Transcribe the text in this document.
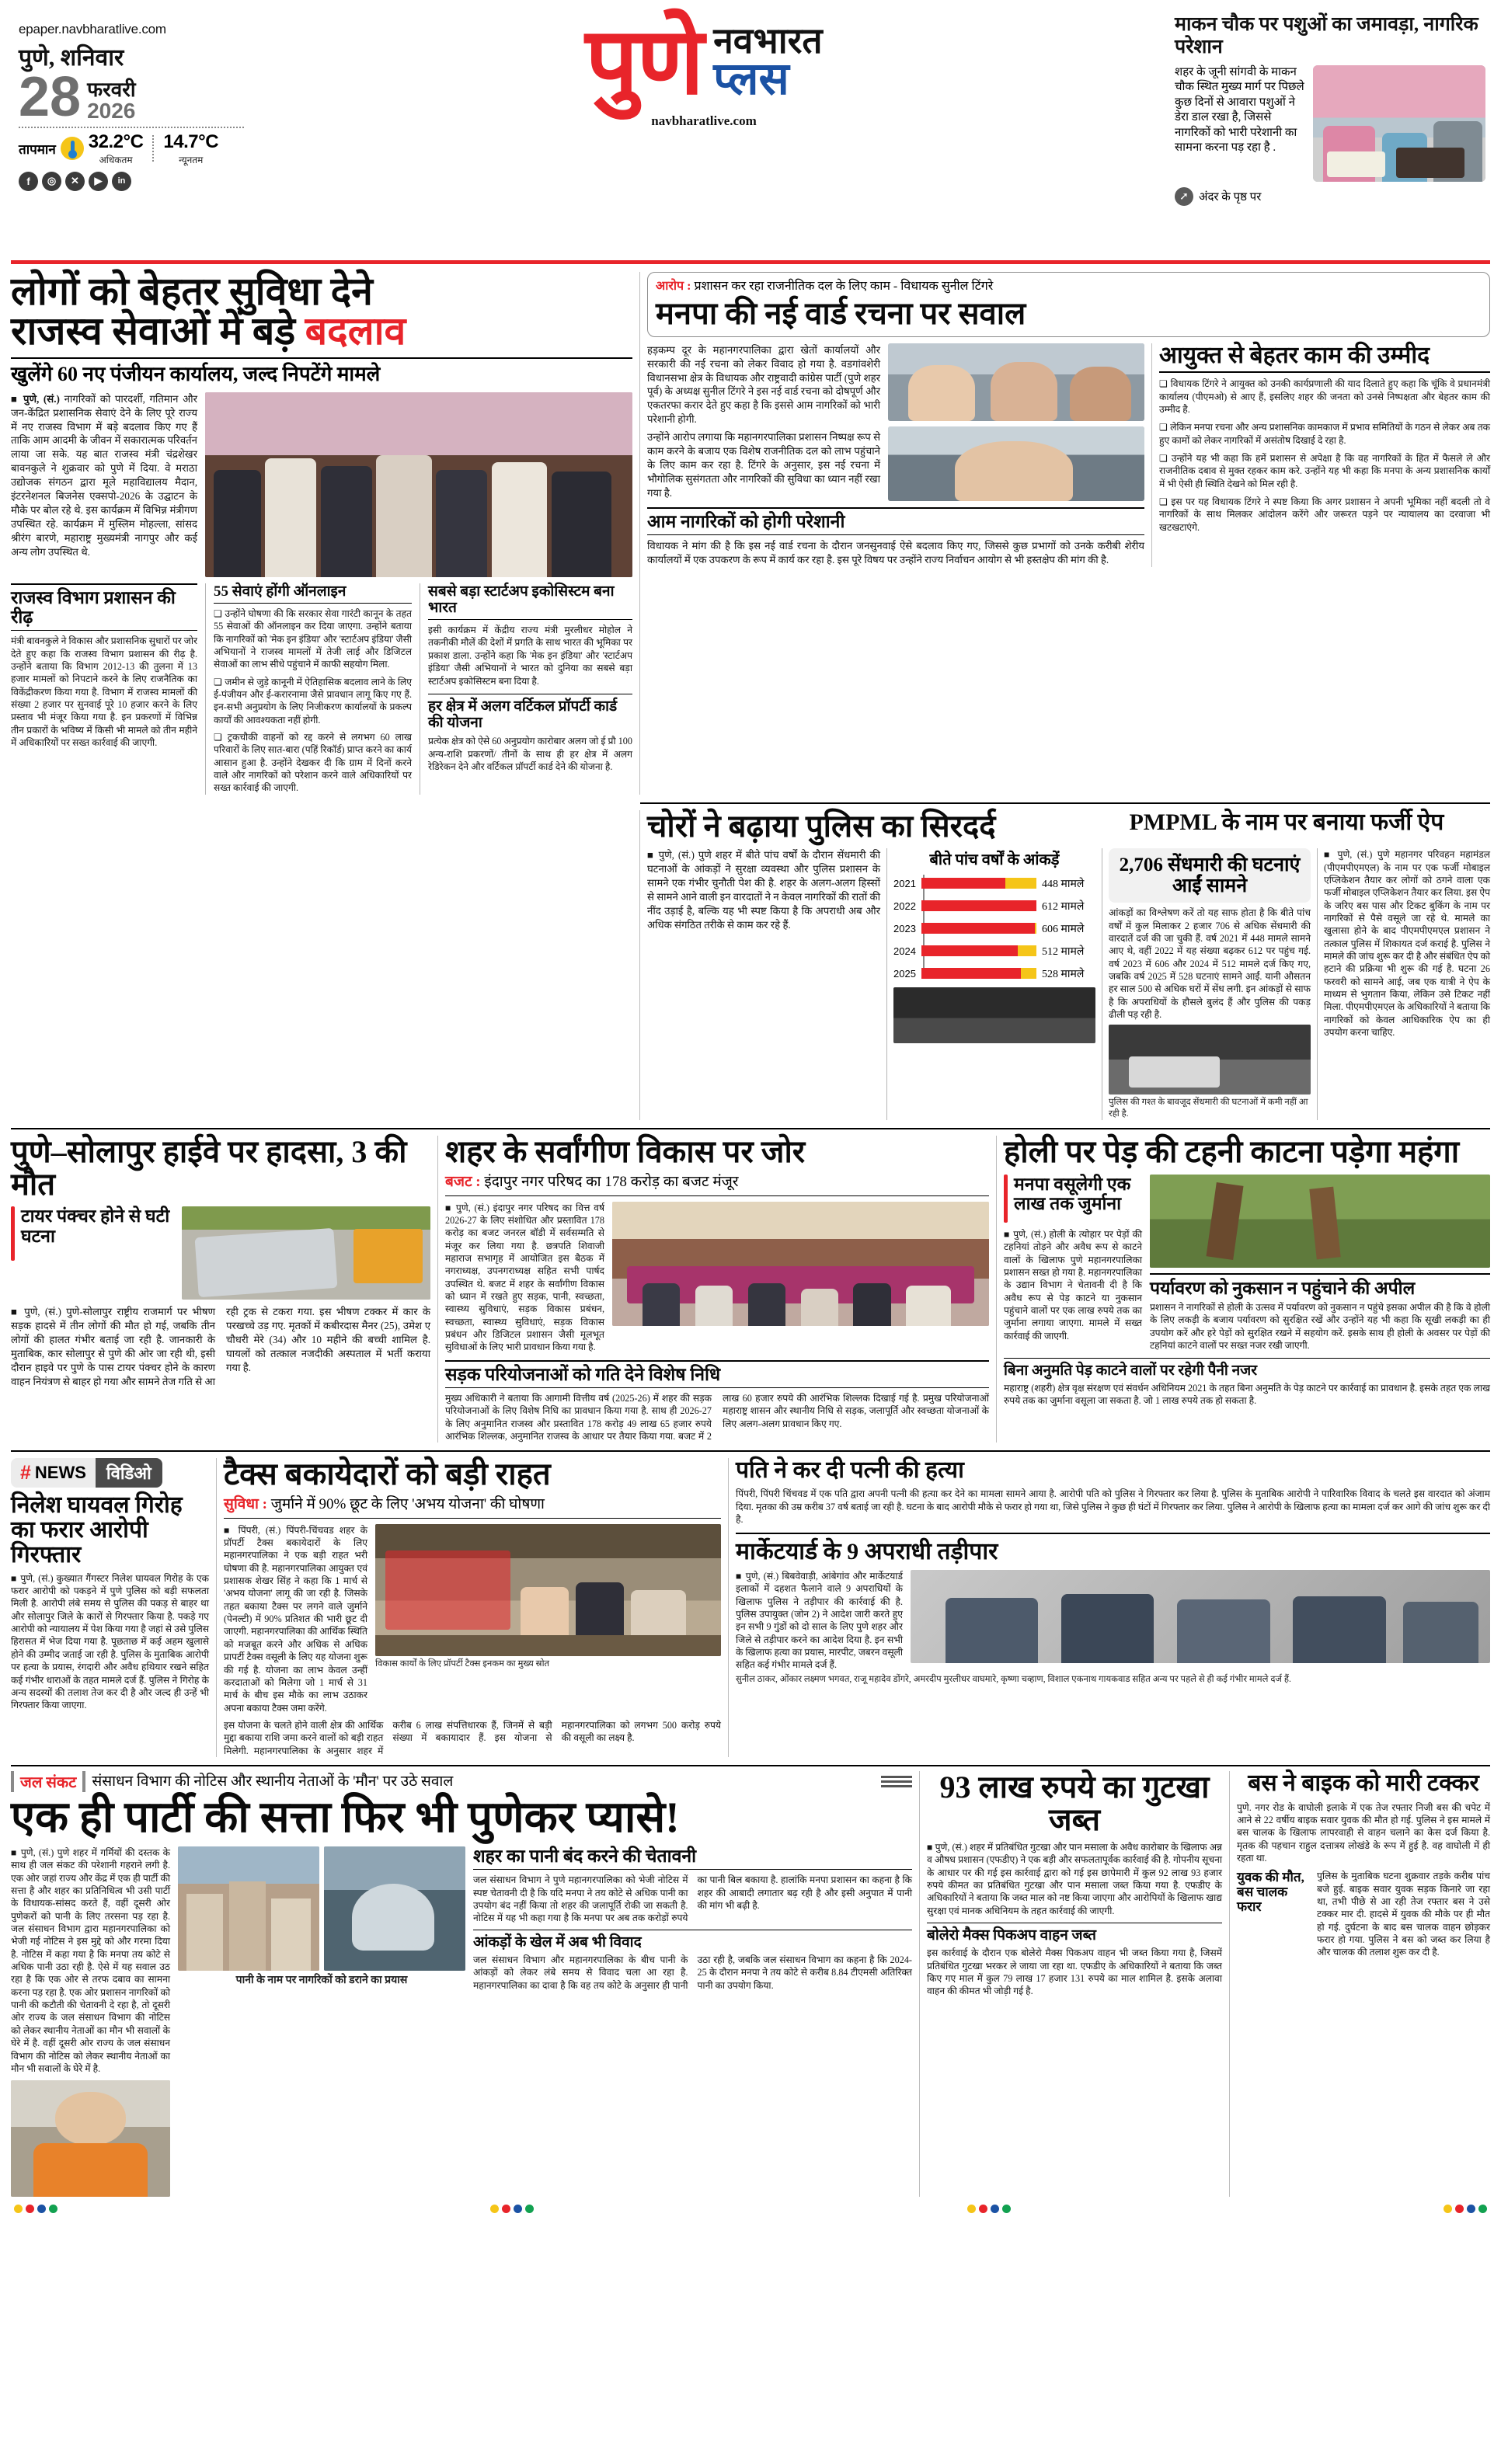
epaper.navbharatlive.com
पुणे, शनिवार
28 फरवरी
2026
तापमान 32.2°C
अधिकतम
14.7°C
न्यूनतम
f	◎	✕	▶	in
पुणे नवभारत
प्लस
navbharatlive.com
माकन चौक पर पशुओं का जमावड़ा, नागरिक परेशान
शहर के जूनी सांगवी के माकन चौक स्थित मुख्य मार्ग पर पिछले कुछ दिनों से आवारा पशुओं ने डेरा डाल रखा है, जिससे नागरिकों को भारी परेशानी का सामना करना पड़ रहा है .
➚ अंदर के पृष्ठ पर
लोगों को बेहतर सुविधा देने
राजस्व सेवाओं में बड़े बदलाव
खुलेंगे 60 नए पंजीयन कार्यालय, जल्द निपटेंगे मामले
■ पुणे, (सं.) नागरिकों को पारदर्शी, गतिमान और जन-केंद्रित प्रशासनिक सेवाएं देने के लिए पूरे राज्य में नए राजस्व विभाग में बड़े बदलाव किए गए हैं ताकि आम आदमी के जीवन में सकारात्मक परिवर्तन लाया जा सके. यह बात राजस्व मंत्री चंद्रशेखर बावनकुले ने शुक्रवार को पुणे में दिया. वे मराठा उद्योजक संगठन द्वारा मूले महाविद्यालय मैदान, इंटरनेशनल बिजनेस एक्सपो-2026 के उद्घाटन के मौके पर बोल रहे थे. इस कार्यक्रम में विभिन्न मंत्रीगण उपस्थित रहे. कार्यक्रम में मुस्लिम मोहल्ला, सांसद श्रीरंग बारणे, महाराष्ट्र मुख्यमंत्री नागपुर और कई अन्य लोग उपस्थित थे.
राजस्व विभाग प्रशासन की रीढ़
मंत्री बावनकुले ने विकास और प्रशासनिक सुधारों पर जोर देते हुए कहा कि राजस्व विभाग प्रशासन की रीढ़ है. उन्होंने बताया कि विभाग 2012-13 की तुलना में 13 हजार मामलों को निपटाने करने के लिए राजनैतिक का विकेंद्रीकरण किया गया है. विभाग में राजस्व मामलों की संख्या 2 हजार पर सुनवाई पूरे 10 हजार करने के लिए प्रस्ताव भी मंजूर किया गया है. इन प्रकरणों में विभिन्न तीन प्रकारों के भविष्य में किसी भी मामले को तीन महीने में अधिकारियों पर सख्त कार्रवाई की जाएगी.
55 सेवाएं होंगी ऑनलाइन
❏ उन्होंने घोषणा की कि सरकार सेवा गारंटी कानून के तहत 55 सेवाओं की ऑनलाइन कर दिया जाएगा. उन्होंने बताया कि नागरिकों को 'मेक इन इंडिया' और 'स्टार्टअप इंडिया' जैसी अभियानों ने राजस्व मामलों में तेजी लाई और डिजिटल सेवाओं का लाभ सीधे पहुंचाने में काफी सहयोग मिला.
❏ जमीन से जुड़े कानूनी में ऐतिहासिक बदलाव लाने के लिए ई-पंजीयन और ई-करारनामा जैसे प्रावधान लागू किए गए हैं. इन-सभी अनुप्रयोग के लिए निजीकरण कार्यालयों के प्रकल्प कार्यों की आवश्यकता नहीं होगी.
❏ ट्रकचौकी वाहनों को रद्द करने से लगभग 60 लाख परिवारों के लिए सात-बारा (पहिं रिकॉर्ड) प्राप्त करने का कार्य आसान हुआ है. उन्होंने देखकर दी कि ग्राम में दिनों करने वाले और नागरिकों को परेशान करने वाले अधिकारियों पर सख्त कार्रवाई की जाएगी.
सबसे बड़ा स्टार्टअप इकोसिस्टम बना भारत
इसी कार्यक्रम में केंद्रीय राज्य मंत्री मुरलीधर मोहोल ने तकनीकी मौलें की देशों में प्रगति के साथ भारत की भूमिका पर प्रकाश डाला. उन्होंने कहा कि 'मेक इन इंडिया' और 'स्टार्टअप इंडिया' जैसी अभियानों ने भारत को दुनिया का सबसे बड़ा स्टार्टअप इकोसिस्टम बना दिया है.
हर क्षेत्र में अलग वर्टिकल प्रॉपर्टी कार्ड की योजना
प्रत्येक क्षेत्र को ऐसे 60 अनुप्रयोग कारोबार अलग जो ई प्रौ 100 अन्य-राशि प्रकरणों/ तीनों के साथ ही हर क्षेत्र में अलग रेडिरेकन देने और वर्टिकल प्रॉपर्टी कार्ड देने की योजना है.
आरोप : प्रशासन कर रहा राजनीतिक दल के लिए काम - विधायक सुनील टिंगरे
मनपा की नई वार्ड रचना पर सवाल
हड़कम्प दूर के महानगरपालिका द्वारा खेतों कार्यालयों और सरकारी की नई रचना को लेकर विवाद हो गया है. वडगांवशेरी विधानसभा क्षेत्र के विधायक और राष्ट्रवादी कांग्रेस पार्टी (पुणे शहर पूर्व) के अध्यक्ष सुनील टिंगरे ने इस नई वार्ड रचना को दोषपूर्ण और एकतरफा करार देते हुए कहा है कि इससे आम नागरिकों को भारी परेशानी होगी.
उन्होंने आरोप लगाया कि महानगरपालिका प्रशासन निष्पक्ष रूप से काम करने के बजाय एक विशेष राजनीतिक दल को लाभ पहुंचाने के लिए काम कर रहा है. टिंगरे के अनुसार, इस नई रचना में भौगोलिक सुसंगतता और नागरिकों की सुविधा का ध्यान नहीं रखा गया है.
आम नागरिकों को होगी परेशानी
विधायक ने मांग की है कि इस नई वार्ड रचना के दौरान जनसुनवाई ऐसे बदलाव किए गए, जिससे कुछ प्रभागों को उनके करीबी शेरीय कार्यालयों में एक उपकरण के रूप में कार्य कर रहा है. इस पूरे विषय पर उन्होंने राज्य निर्वाचन आयोग से भी हस्तक्षेप की मांग की है.
आयुक्त से बेहतर काम की उम्मीद
❏ विधायक टिंगरे ने आयुक्त को उनकी कार्यप्रणाली की याद दिलाते हुए कहा कि चूंकि वे प्रधानमंत्री कार्यालय (पीएमओ) से आए हैं, इसलिए शहर की जनता को उनसे निष्पक्षता और बेहतर काम की उम्मीद है.
❏ लेकिन मनपा रचना और अन्य प्रशासनिक कामकाज में प्रभाव समितियों के गठन से लेकर अब तक हुए कामों को लेकर नागरिकों में असंतोष दिखाई दे रहा है.
❏ उन्होंने यह भी कहा कि हमें प्रशासन से अपेक्षा है कि वह नागरिकों के हित में फैसले ले और राजनीतिक दबाव से मुक्त रहकर काम करे. उन्होंने यह भी कहा कि मनपा के अन्य प्रशासनिक कार्यों में भी ऐसी ही स्थिति देखने को मिल रही है.
❏ इस पर यह विधायक टिंगरे ने स्पष्ट किया कि अगर प्रशासन ने अपनी भूमिका नहीं बदली तो वे नागरिकों के साथ मिलकर आंदोलन करेंगे और जरूरत पड़ने पर न्यायालय का दरवाजा भी खटखटाएंगे.
चोरों ने बढ़ाया पुलिस का सिरदर्द	PMPML के नाम पर बनाया फर्जी ऐप
■ पुणे, (सं.) पुणे शहर में बीते पांच वर्षों के दौरान सेंधमारी की घटनाओं के आंकड़ों ने सुरक्षा व्यवस्था और पुलिस प्रशासन के सामने एक गंभीर चुनौती पेश की है. शहर के अलग-अलग हिस्सों से सामने आने वाली इन वारदातों ने न केवल नागरिकों की रातों की नींद उड़ाई है, बल्कि यह भी स्पष्ट किया है कि अपराधी अब और अधिक संगठित तरीके से काम कर रहे हैं.
बीते पांच वर्षों के आंकड़ें
2021	448 मामले
2022	612 मामले
2023	606 मामले
2024	512 मामले
2025	528 मामले
2,706 सेंधमारी की घटनाएं आईं सामने
आंकड़ों का विश्लेषण करें तो यह साफ होता है कि बीते पांच वर्षों में कुल मिलाकर 2 हजार 706 से अधिक सेंधमारी की वारदातें दर्ज की जा चुकी हैं. वर्ष 2021 में 448 मामले सामने आए थे, वहीं 2022 में यह संख्या बढ़कर 612 पर पहुंच गई. वर्ष 2023 में 606 और 2024 में 512 मामले दर्ज किए गए, जबकि वर्ष 2025 में 528 घटनाएं सामने आईं. यानी औसतन हर साल 500 से अधिक घरों में सेंध लगी. इन आंकड़ों से साफ है कि अपराधियों के हौसले बुलंद हैं और पुलिस की पकड़ ढीली पड़ रही है.
पुलिस की गश्त के बावजूद सेंधमारी की घटनाओं में कमी नहीं आ रही है.
■ पुणे, (सं.) पुणे महानगर परिवहन महामंडल (पीएमपीएमएल) के नाम पर एक फर्जी मोबाइल एप्लिकेशन तैयार कर लोगों को ठगने वाला एक फर्जी मोबाइल एप्लिकेशन तैयार कर लिया. इस ऐप के जरिए बस पास और टिकट बुकिंग के नाम पर नागरिकों से पैसे वसूले जा रहे थे. मामले का खुलासा होने के बाद पीएमपीएमएल प्रशासन ने तत्काल पुलिस में शिकायत दर्ज कराई है. पुलिस ने मामले की जांच शुरू कर दी है और संबंधित ऐप को हटाने की प्रक्रिया भी शुरू की गई है. घटना 26 फरवरी को सामने आई, जब एक यात्री ने ऐप के माध्यम से भुगतान किया, लेकिन उसे टिकट नहीं मिला. पीएमपीएमएल के अधिकारियों ने बताया कि नागरिकों को केवल आधिकारिक ऐप का ही उपयोग करना चाहिए.
पुणे–सोलापुर हाईवे पर हादसा, 3 की मौत
टायर पंक्चर होने से घटी घटना
■ पुणे, (सं.) पुणे-सोलापुर राष्ट्रीय राजमार्ग पर भीषण सड़क हादसे में तीन लोगों की मौत हो गई, जबकि तीन लोगों की हालत गंभीर बताई जा रही है. जानकारी के मुताबिक, कार सोलापुर से पुणे की ओर जा रही थी, इसी दौरान हाइवे पर पुणे के पास टायर पंक्चर होने के कारण वाहन नियंत्रण से बाहर हो गया और सामने तेज गति से आ रही ट्रक से टकरा गया. इस भीषण टक्कर में कार के परखच्चे उड़ गए. मृतकों में कबीरदास मैनर (25), उमेश ए चौधरी मेरे (34) और 10 महीने की बच्ची शामिल है. घायलों को तत्काल नजदीकी अस्पताल में भर्ती कराया गया है.
शहर के सर्वांगीण विकास पर जोर
बजट : इंदापुर नगर परिषद का 178 करोड़ का बजट मंजूर
■ पुणे, (सं.) इंदापुर नगर परिषद का वित्त वर्ष 2026-27 के लिए संशोधित और प्रस्तावित 178 करोड़ का बजट जनरल बॉडी में सर्वसम्मति से मंजूर कर लिया गया है. छत्रपति शिवाजी महाराज सभागृह में आयोजित इस बैठक में नगराध्यक्ष, उपनगराध्यक्ष सहित सभी पार्षद उपस्थित थे. बजट में शहर के सर्वांगीण विकास को ध्यान में रखते हुए सड़क, पानी, स्वच्छता, स्वास्थ्य सुविधाएं, सड़क विकास प्रबंधन, स्वच्छता, स्वास्थ्य सुविधाएं, सड़क विकास प्रबंधन और डिजिटल प्रशासन जैसी मूलभूत सुविधाओं के लिए भारी प्रावधान किया गया है.
सड़क परियोजनाओं को गति देने विशेष निधि
मुख्य अधिकारी ने बताया कि आगामी वित्तीय वर्ष (2025-26) में शहर की सड़क परियोजनाओं के लिए विशेष निधि का प्रावधान किया गया है. साथ ही 2026-27 के लिए अनुमानित राजस्व और प्रस्तावित 178 करोड़ 49 लाख 65 हजार रुपये आरंभिक शिल्लक, अनुमानित राजस्व के आधार पर तैयार किया गया. बजट में 2 लाख 60 हजार रुपये की आरंभिक शिल्लक दिखाई गई है. प्रमुख परियोजनाओं महाराष्ट्र शासन और स्थानीय निधि से सड़क, जलापूर्ति और स्वच्छता योजनाओं के लिए अलग-अलग प्रावधान किए गए.
होली पर पेड़ की टहनी काटना पड़ेगा महंगा
मनपा वसूलेगी एक लाख तक जुर्माना
■ पुणे, (सं.) होली के त्योहार पर पेड़ों की टहनियां तोड़ने और अवैध रूप से काटने वालों के खिलाफ पुणे महानगरपालिका प्रशासन सख्त हो गया है. महानगरपालिका के उद्यान विभाग ने चेतावनी दी है कि अवैध रूप से पेड़ काटने या नुकसान पहुंचाने वालों पर एक लाख रुपये तक का जुर्माना लगाया जाएगा. मामले में सख्त कार्रवाई की जाएगी.
पर्यावरण को नुकसान न पहुंचाने की अपील
प्रशासन ने नागरिकों से होली के उत्सव में पर्यावरण को नुकसान न पहुंचे इसका अपील की है कि वे होली के लिए लकड़ी के बजाय पर्यावरण को सुरक्षित रखें और उन्होंने यह भी कहा कि सूखी लकड़ी का ही उपयोग करें और हरे पेड़ों को सुरक्षित रखने में सहयोग करें. इसके साथ ही होली के अवसर पर पेड़ों की टहनियां काटने वालों पर सख्त नजर रखी जाएगी.
बिना अनुमति पेड़ काटने वालों पर रहेगी पैनी नजर
महाराष्ट्र (शहरी) क्षेत्र वृक्ष संरक्षण एवं संवर्धन अधिनियम 2021 के तहत बिना अनुमति के पेड़ काटने पर कार्रवाई का प्रावधान है. इसके तहत एक लाख रुपये तक का जुर्माना वसूला जा सकता है. जो 1 लाख रुपये तक हो सकता है.
# NEWS	विडिओ
निलेश घायवल गिरोह का फरार आरोपी गिरफ्तार
■ पुणे, (सं.) कुख्यात गैंगस्टर निलेश घायवल गिरोह के एक फरार आरोपी को पकड़ने में पुणे पुलिस को बड़ी सफलता मिली है. आरोपी लंबे समय से पुलिस की पकड़ से बाहर था और सोलापुर जिले के कारों से गिरफ्तार किया है. पकड़े गए आरोपी को न्यायालय में पेश किया गया है जहां से उसे पुलिस हिरासत में भेज दिया गया है. पूछताछ में कई अहम खुलासे होने की उम्मीद जताई जा रही है. पुलिस के मुताबिक आरोपी पर हत्या के प्रयास, रंगदारी और अवैध हथियार रखने सहित कई गंभीर धाराओं के तहत मामले दर्ज हैं. पुलिस ने गिरोह के अन्य सदस्यों की तलाश तेज कर दी है और जल्द ही उन्हें भी गिरफ्तार किया जाएगा.
टैक्स बकायेदारों को बड़ी राहत
सुविधा : जुर्माने में 90% छूट के लिए 'अभय योजना' की घोषणा
■ पिंपरी, (सं.) पिंपरी-चिंचवड शहर के प्रॉपर्टी टैक्स बकायेदारों के लिए महानगरपालिका ने एक बड़ी राहत भरी घोषणा की है. महानगरपालिका आयुक्त एवं प्रशासक शेखर सिंह ने कहा कि 1 मार्च से 'अभय योजना' लागू की जा रही है. जिसके तहत बकाया टैक्स पर लगने वाले जुर्माने (पेनल्टी) में 90% प्रतिशत की भारी छूट दी जाएगी. महानगरपालिका की आर्थिक स्थिति को मजबूत करने और अधिक से अधिक प्रापर्टी टैक्स वसूली के लिए यह योजना शुरू की गई है. योजना का लाभ केवल उन्हीं करदाताओं को मिलेगा जो 1 मार्च से 31 मार्च के बीच इस मौके का लाभ उठाकर अपना बकाया टैक्स जमा करेंगे.
विकास कार्यों के लिए प्रॉपर्टी टैक्स इनकम का मुख्य स्रोत
इस योजना के चलते होने वाली क्षेत्र की आर्थिक मुद्दा बकाया राशि जमा करने वालों को बड़ी राहत मिलेगी. महानगरपालिका के अनुसार शहर में करीब 6 लाख संपत्तिधारक हैं, जिनमें से बड़ी संख्या में बकायादार हैं. इस योजना से महानगरपालिका को लगभग 500 करोड़ रुपये की वसूली का लक्ष्य है.
पति ने कर दी पत्नी की हत्या
पिंपरी, पिंपरी चिंचवड में एक पति द्वारा अपनी पत्नी की हत्या कर देने का मामला सामने आया है. आरोपी पति को पुलिस ने गिरफ्तार कर लिया है. पुलिस के मुताबिक आरोपी ने पारिवारिक विवाद के चलते इस वारदात को अंजाम दिया. मृतका की उम्र करीब 37 वर्ष बताई जा रही है. घटना के बाद आरोपी मौके से फरार हो गया था, जिसे पुलिस ने कुछ ही घंटों में गिरफ्तार कर लिया. पुलिस ने आरोपी के खिलाफ हत्या का मामला दर्ज कर आगे की जांच शुरू कर दी है.
मार्केटयार्ड के 9 अपराधी तड़ीपार
■ पुणे, (सं.) बिबवेवाड़ी, आंबेगांव और मार्केटयार्ड इलाकों में दहशत फैलाने वाले 9 अपराधियों के खिलाफ पुलिस ने तड़ीपार की कार्रवाई की है. पुलिस उपायुक्त (जोन 2) ने आदेश जारी करते हुए इन सभी 9 गुंडों को दो साल के लिए पुणे शहर और जिले से तड़ीपार करने का आदेश दिया है. इन सभी के खिलाफ हत्या का प्रयास, मारपीट, जबरन वसूली सहित कई गंभीर मामले दर्ज हैं.
सुनील ठाकर, ओंकार लक्ष्मण भगवत, राजू महादेव डोंगरे, अमरदीप मुरलीधर वाघमारे, कृष्णा चव्हाण, विशाल एकनाथ गायकवाड सहित अन्य पर पहले से ही कई गंभीर मामले दर्ज हैं.
जल संकट	संसाधन विभाग की नोटिस और स्थानीय नेताओं के 'मौन' पर उठे सवाल
एक ही पार्टी की सत्ता फिर भी पुणेकर प्यासे!
■ पुणे, (सं.) पुणे शहर में गर्मियों की दस्तक के साथ ही जल संकट की परेशानी गहराने लगी है. एक ओर जहां राज्य और केंद्र में एक ही पार्टी की सत्ता है और शहर का प्रतिनिधित्व भी उसी पार्टी के विधायक-सांसद करते हैं, वहीं दूसरी ओर पुणेकरों को पानी के लिए तरसना पड़ रहा है. जल संसाधन विभाग द्वारा महानगरपालिका को भेजी गई नोटिस ने इस मुद्दे को और गरमा दिया है. नोटिस में कहा गया है कि मनपा तय कोटे से अधिक पानी उठा रही है. ऐसे में यह सवाल उठ रहा है कि एक ओर से तरफ दबाव का सामना करना पड़ रहा है. एक ओर प्रशासन नागरिकों को पानी की कटौती की चेतावनी दे रहा है, तो दूसरी ओर राज्य के जल संसाधन विभाग की नोटिस को लेकर स्थानीय नेताओं का मौन भी सवालों के घेरे में है. वहीं दूसरी ओर राज्य के जल संसाधन विभाग की नोटिस को लेकर स्थानीय नेताओं का मौन भी सवालों के घेरे में है.
पानी के नाम पर नागरिकों को डराने का प्रयास
शहर का पानी बंद करने की चेतावनी
जल संसाधन विभाग ने पुणे महानगरपालिका को भेजी नोटिस में स्पष्ट चेतावनी दी है कि यदि मनपा ने तय कोटे से अधिक पानी का उपयोग बंद नहीं किया तो शहर की जलापूर्ति रोकी जा सकती है. नोटिस में यह भी कहा गया है कि मनपा पर अब तक करोड़ों रुपये का पानी बिल बकाया है. हालांकि मनपा प्रशासन का कहना है कि शहर की आबादी लगातार बढ़ रही है और इसी अनुपात में पानी की मांग भी बढ़ी है.
आंकड़ों के खेल में अब भी विवाद
जल संसाधन विभाग और महानगरपालिका के बीच पानी के आंकड़ों को लेकर लंबे समय से विवाद चला आ रहा है. महानगरपालिका का दावा है कि वह तय कोटे के अनुसार ही पानी उठा रही है, जबकि जल संसाधन विभाग का कहना है कि 2024-25 के दौरान मनपा ने तय कोटे से करीब 8.84 टीएमसी अतिरिक्त पानी का उपयोग किया.
93 लाख रुपये का गुटखा जब्त
■ पुणे, (सं.) शहर में प्रतिबंधित गुटखा और पान मसाला के अवैध कारोबार के खिलाफ अन्न व औषध प्रशासन (एफडीए) ने एक बड़ी और सफलतापूर्वक कार्रवाई की है. गोपनीय सूचना के आधार पर की गई इस कार्रवाई द्वारा को गई इस छापेमारी में कुल 92 लाख 93 हजार रुपये कीमत का प्रतिबंधित गुटखा और पान मसाला जब्त किया गया है. एफडीए के अधिकारियों ने बताया कि जब्त माल को नष्ट किया जाएगा और आरोपियों के खिलाफ खाद्य सुरक्षा एवं मानक अधिनियम के तहत कार्रवाई की जाएगी.
बोलेरो मैक्स पिकअप वाहन जब्त
इस कार्रवाई के दौरान एक बोलेरो मैक्स पिकअप वाहन भी जब्त किया गया है, जिसमें प्रतिबंधित गुटखा भरकर ले जाया जा रहा था. एफडीए के अधिकारियों ने बताया कि जब्त किए गए माल में कुल 79 लाख 17 हजार 131 रुपये का माल शामिल है. इसके अलावा वाहन की कीमत भी जोड़ी गई है.
बस ने बाइक को मारी टक्कर
पुणे. नगर रोड के वाघोली इलाके में एक तेज रफ्तार निजी बस की चपेट में आने से 22 वर्षीय बाइक सवार युवक की मौत हो गई. पुलिस ने इस मामले में बस चालक के खिलाफ लापरवाही से वाहन चलाने का केस दर्ज किया है. मृतक की पहचान राहुल दत्तात्रय लोखंडे के रूप में हुई है. वह वाघोली में ही रहता था.
युवक की मौत, बस चालक फरार
पुलिस के मुताबिक घटना शुक्रवार तड़के करीब पांच बजे हुई. बाइक सवार युवक सड़क किनारे जा रहा था, तभी पीछे से आ रही तेज रफ्तार बस ने उसे टक्कर मार दी. हादसे में युवक की मौके पर ही मौत हो गई. दुर्घटना के बाद बस चालक वाहन छोड़कर फरार हो गया. पुलिस ने बस को जब्त कर लिया है और चालक की तलाश शुरू कर दी है.
